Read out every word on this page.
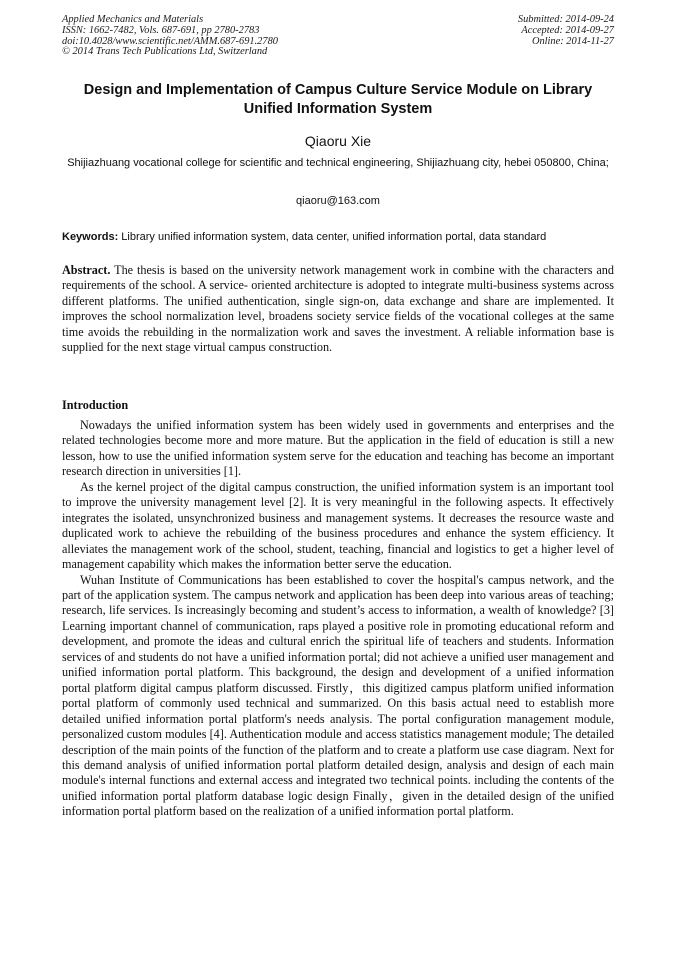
Applied Mechanics and Materials
ISSN: 1662-7482, Vols. 687-691, pp 2780-2783
doi:10.4028/www.scientific.net/AMM.687-691.2780
© 2014 Trans Tech Publications Ltd, Switzerland
Submitted: 2014-09-24
Accepted: 2014-09-27
Online: 2014-11-27
Design and Implementation of Campus Culture Service Module on Library Unified Information System
Qiaoru Xie
Shijiazhuang vocational college for scientific and technical engineering, Shijiazhuang city, hebei 050800, China;
qiaoru@163.com
Keywords: Library unified information system, data center, unified information portal, data standard
Abstract. The thesis is based on the university network management work in combine with the characters and requirements of the school. A service- oriented architecture is adopted to integrate multi-business systems across different platforms. The unified authentication, single sign-on, data exchange and share are implemented. It improves the school normalization level, broadens society service fields of the vocational colleges at the same time avoids the rebuilding in the normalization work and saves the investment. A reliable information base is supplied for the next stage virtual campus construction.
Introduction

Nowadays the unified information system has been widely used in governments and enterprises and the related technologies become more and more mature. But the application in the field of education is still a new lesson, how to use the unified information system serve for the education and teaching has become an important research direction in universities [1].

As the kernel project of the digital campus construction, the unified information system is an important tool to improve the university management level [2]. It is very meaningful in the following aspects. It effectively integrates the isolated, unsynchronized business and management systems. It decreases the resource waste and duplicated work to achieve the rebuilding of the business procedures and enhance the system efficiency. It alleviates the management work of the school, student, teaching, financial and logistics to get a higher level of management capability which makes the information better serve the education.

Wuhan Institute of Communications has been established to cover the hospital's campus network, and the part of the application system. The campus network and application has been deep into various areas of teaching; research, life services. Is increasingly becoming and student’s access to information, a wealth of knowledge? [3] Learning important channel of communication, raps played a positive role in promoting educational reform and development, and promote the ideas and cultural enrich the spiritual life of teachers and students. Information services of and students do not have a unified information portal; did not achieve a unified user management and unified information portal platform. This background, the design and development of a unified information portal platform digital campus platform discussed. Firstly，this digitized campus platform unified information portal platform of commonly used technical and summarized. On this basis actual need to establish more detailed unified information portal platform's needs analysis. The portal configuration management module, personalized custom modules [4]. Authentication module and access statistics management module; The detailed description of the main points of the function of the platform and to create a platform use case diagram. Next for this demand analysis of unified information portal platform detailed design, analysis and design of each main module's internal functions and external access and integrated two technical points. including the contents of the unified information portal platform database logic design Finally，given in the detailed design of the unified information portal platform based on the realization of a unified information portal platform.
